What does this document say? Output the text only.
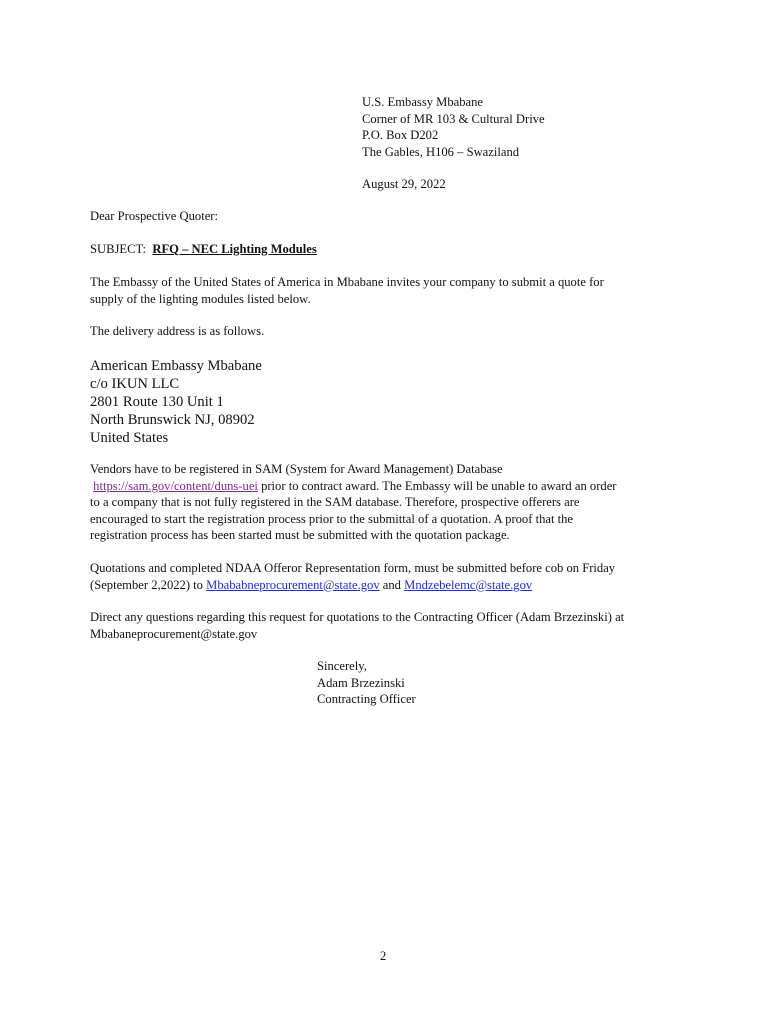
U.S. Embassy Mbabane
Corner of MR 103 & Cultural Drive
P.O. Box D202
The Gables, H106 – Swaziland
August 29, 2022
Dear Prospective Quoter:
SUBJECT: RFQ – NEC Lighting Modules
The Embassy of the United States of America in Mbabane invites your company to submit a quote for
supply of the lighting modules listed below.
The delivery address is as follows.
American Embassy Mbabane
c/o IKUN LLC
2801 Route 130 Unit 1
North Brunswick NJ, 08902
United States
Vendors have to be registered in SAM (System for Award Management) Database
https://sam.gov/content/duns-uei prior to contract award. The Embassy will be unable to award an order
to a company that is not fully registered in the SAM database. Therefore, prospective offerers are
encouraged to start the registration process prior to the submittal of a quotation. A proof that the
registration process has been started must be submitted with the quotation package.
Quotations and completed NDAA Offeror Representation form, must be submitted before cob on Friday
(September 2,2022) to Mbababneprocurement@state.gov and Mndzebelemc@state.gov
Direct any questions regarding this request for quotations to the Contracting Officer (Adam Brzezinski) at
Mbabaneprocurement@state.gov
Sincerely,
Adam Brzezinski
Contracting Officer
2
